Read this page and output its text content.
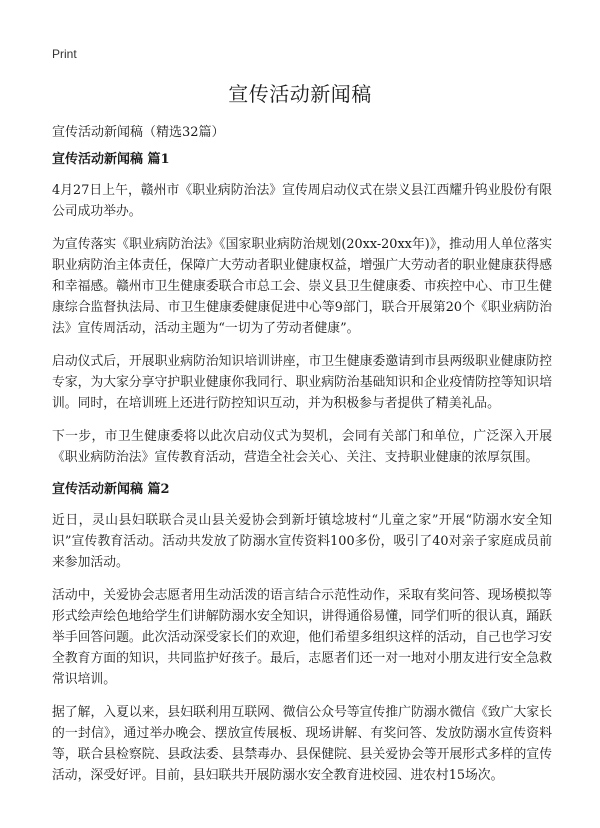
Print
宣传活动新闻稿
宣传活动新闻稿（精选32篇）
宣传活动新闻稿 篇1

4月27日上午，赣州市《职业病防治法》宣传周启动仪式在崇义县江西耀升钨业股份有限公司成功举办。

为宣传落实《职业病防治法》《国家职业病防治规划(20xx-20xx年)》，推动用人单位落实职业病防治主体责任，保障广大劳动者职业健康权益，增强广大劳动者的职业健康获得感和幸福感。赣州市卫生健康委联合市总工会、崇义县卫生健康委、市疾控中心、市卫生健康综合监督执法局、市卫生健康委健康促进中心等9部门，联合开展第20个《职业病防治法》宣传周活动，活动主题为“一切为了劳动者健康”。

启动仪式后，开展职业病防治知识培训讲座，市卫生健康委邀请到市县两级职业健康防控专家，为大家分享守护职业健康你我同行、职业病防治基础知识和企业疫情防控等知识培训。同时，在培训班上还进行防控知识互动，并为积极参与者提供了精美礼品。

下一步，市卫生健康委将以此次启动仪式为契机，会同有关部门和单位，广泛深入开展《职业病防治法》宣传教育活动，营造全社会关心、关注、支持职业健康的浓厚氛围。

宣传活动新闻稿 篇2

近日，灵山县妇联联合灵山县关爱协会到新圩镇埝坡村“儿童之家”开展“防溺水安全知识”宣传教育活动。活动共发放了防溺水宣传资料100多份，吸引了40对亲子家庭成员前来参加活动。

活动中，关爱协会志愿者用生动活泼的语言结合示范性动作，采取有奖问答、现场模拟等形式绘声绘色地给学生们讲解防溺水安全知识，讲得通俗易懂，同学们听的很认真，踊跃举手回答问题。此次活动深受家长们的欢迎，他们希望多组织这样的活动，自己也学习安全教育方面的知识，共同监护好孩子。最后，志愿者们还一对一地对小朋友进行安全急救常识培训。

据了解，入夏以来，县妇联利用互联网、微信公众号等宣传推广防溺水微信《致广大家长的一封信》，通过举办晚会、摆放宣传展板、现场讲解、有奖问答、发放防溺水宣传资料等，联合县检察院、县政法委、县禁毒办、县保健院、县关爱协会等开展形式多样的宣传活动，深受好评。目前，县妇联共开展防溺水安全教育进校园、进农村15场次。
